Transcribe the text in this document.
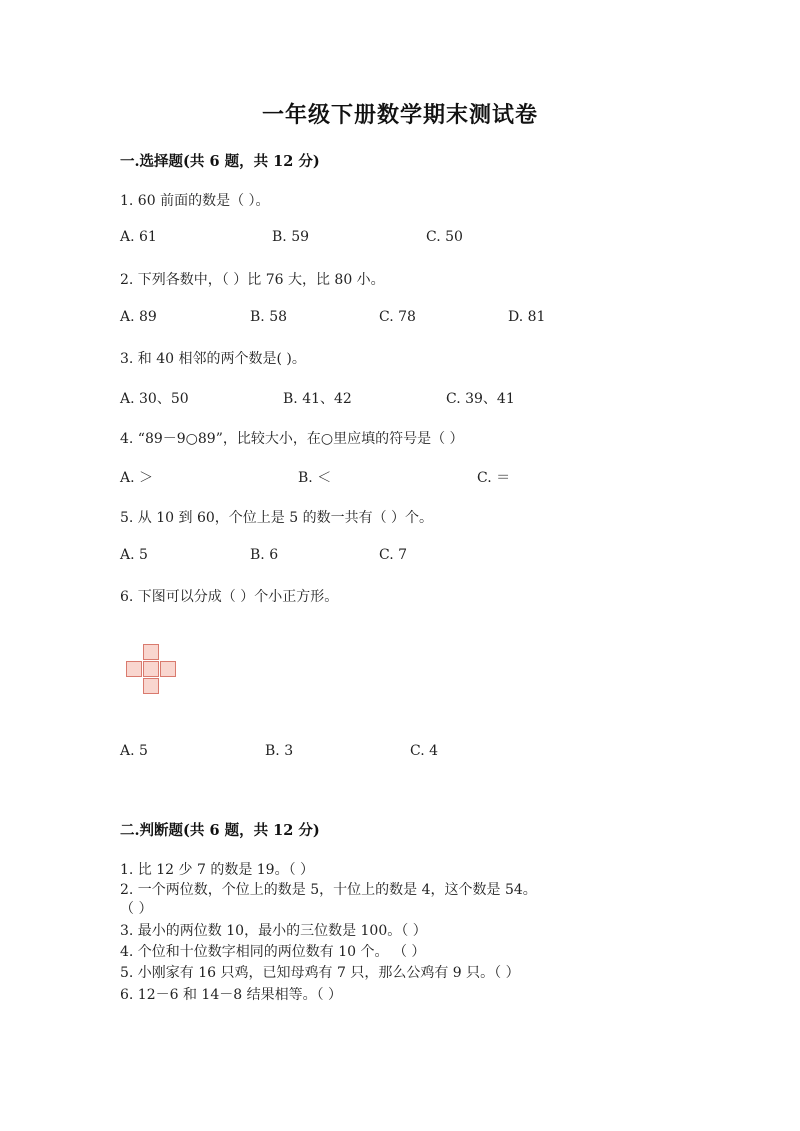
一年级下册数学期末测试卷
一.选择题(共 6 题，共 12 分)
1. 60 前面的数是（ ）。
A. 61	B. 59	C. 50
2. 下列各数中，（ ）比 76 大，比 80 小。
A. 89	B. 58	C. 78	D. 81
3. 和 40 相邻的两个数是( )。
A. 30、50	B. 41、42	C. 39、41
4. “89－9○89”，比较大小，在○里应填的符号是（ ）
A. ＞	B. ＜	C. ＝
5. 从 10 到 60，个位上是 5 的数一共有（ ）个。
A. 5	B. 6	C. 7
6. 下图可以分成（ ）个小正方形。
A. 5	B. 3	C. 4
二.判断题(共 6 题，共 12 分)
1. 比 12 少 7 的数是 19。（ ）
2. 一个两位数，个位上的数是 5，十位上的数是 4，这个数是 54。
（ ）
3. 最小的两位数 10，最小的三位数是 100。（ ）
4. 个位和十位数字相同的两位数有 10 个。 （ ）
5. 小刚家有 16 只鸡，已知母鸡有 7 只，那么公鸡有 9 只。（ ）
6. 12－6 和 14－8 结果相等。（ ）
